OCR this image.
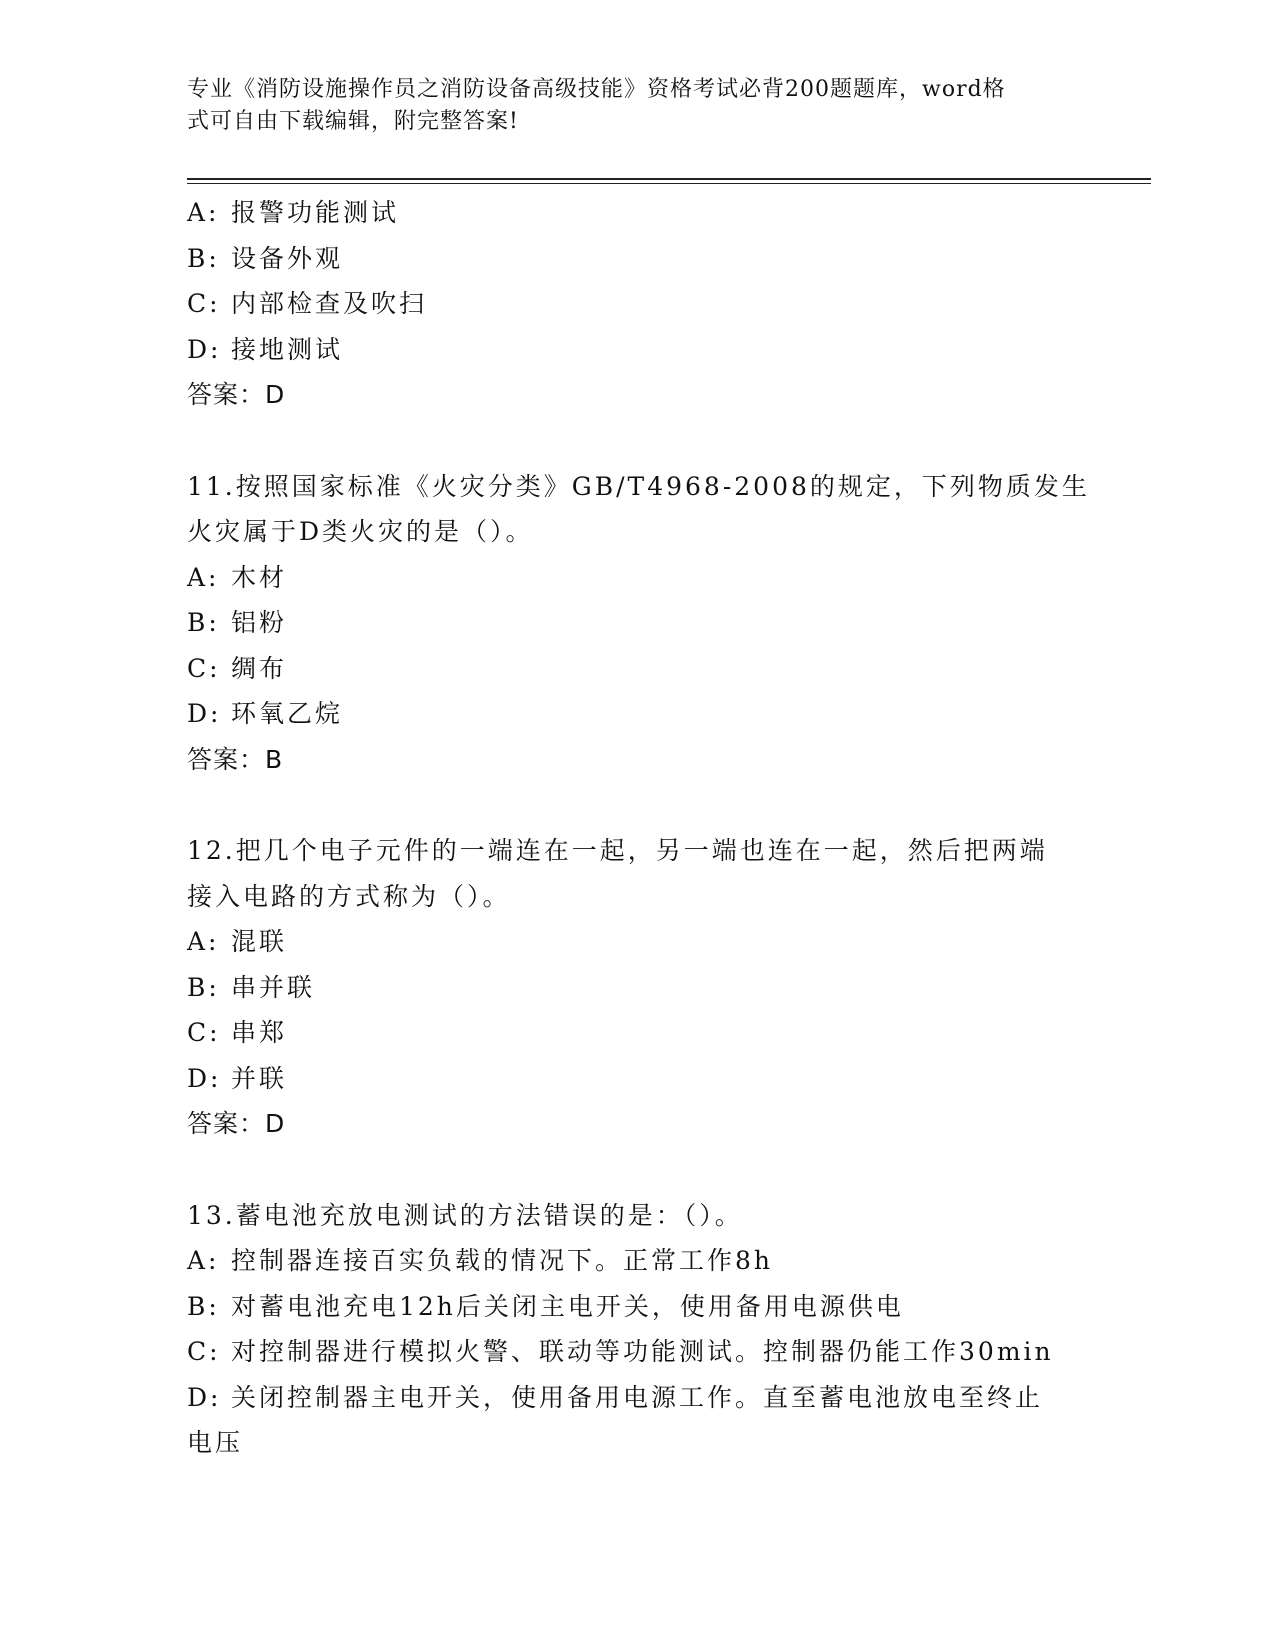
专业《消防设施操作员之消防设备高级技能》资格考试必背200题题库，word格
式可自由下载编辑，附完整答案!
A: 报警功能测试
B: 设备外观
C: 内部检查及吹扫
D: 接地测试
答案：D
11.按照国家标准《火灾分类》GB/T4968-2008的规定，下列物质发生
火灾属于D类火灾的是（）。
A: 木材
B: 铝粉
C: 绸布
D: 环氧乙烷
答案：B
12.把几个电子元件的一端连在一起，另一端也连在一起，然后把两端
接入电路的方式称为（）。
A: 混联
B: 串并联
C: 串郑
D: 并联
答案：D
13.蓄电池充放电测试的方法错误的是：（）。
A: 控制器连接百实负载的情况下。正常工作8h
B: 对蓄电池充电12h后关闭主电开关，使用备用电源供电
C: 对控制器进行模拟火警、联动等功能测试。控制器仍能工作30min
D: 关闭控制器主电开关，使用备用电源工作。直至蓄电池放电至终止
电压
